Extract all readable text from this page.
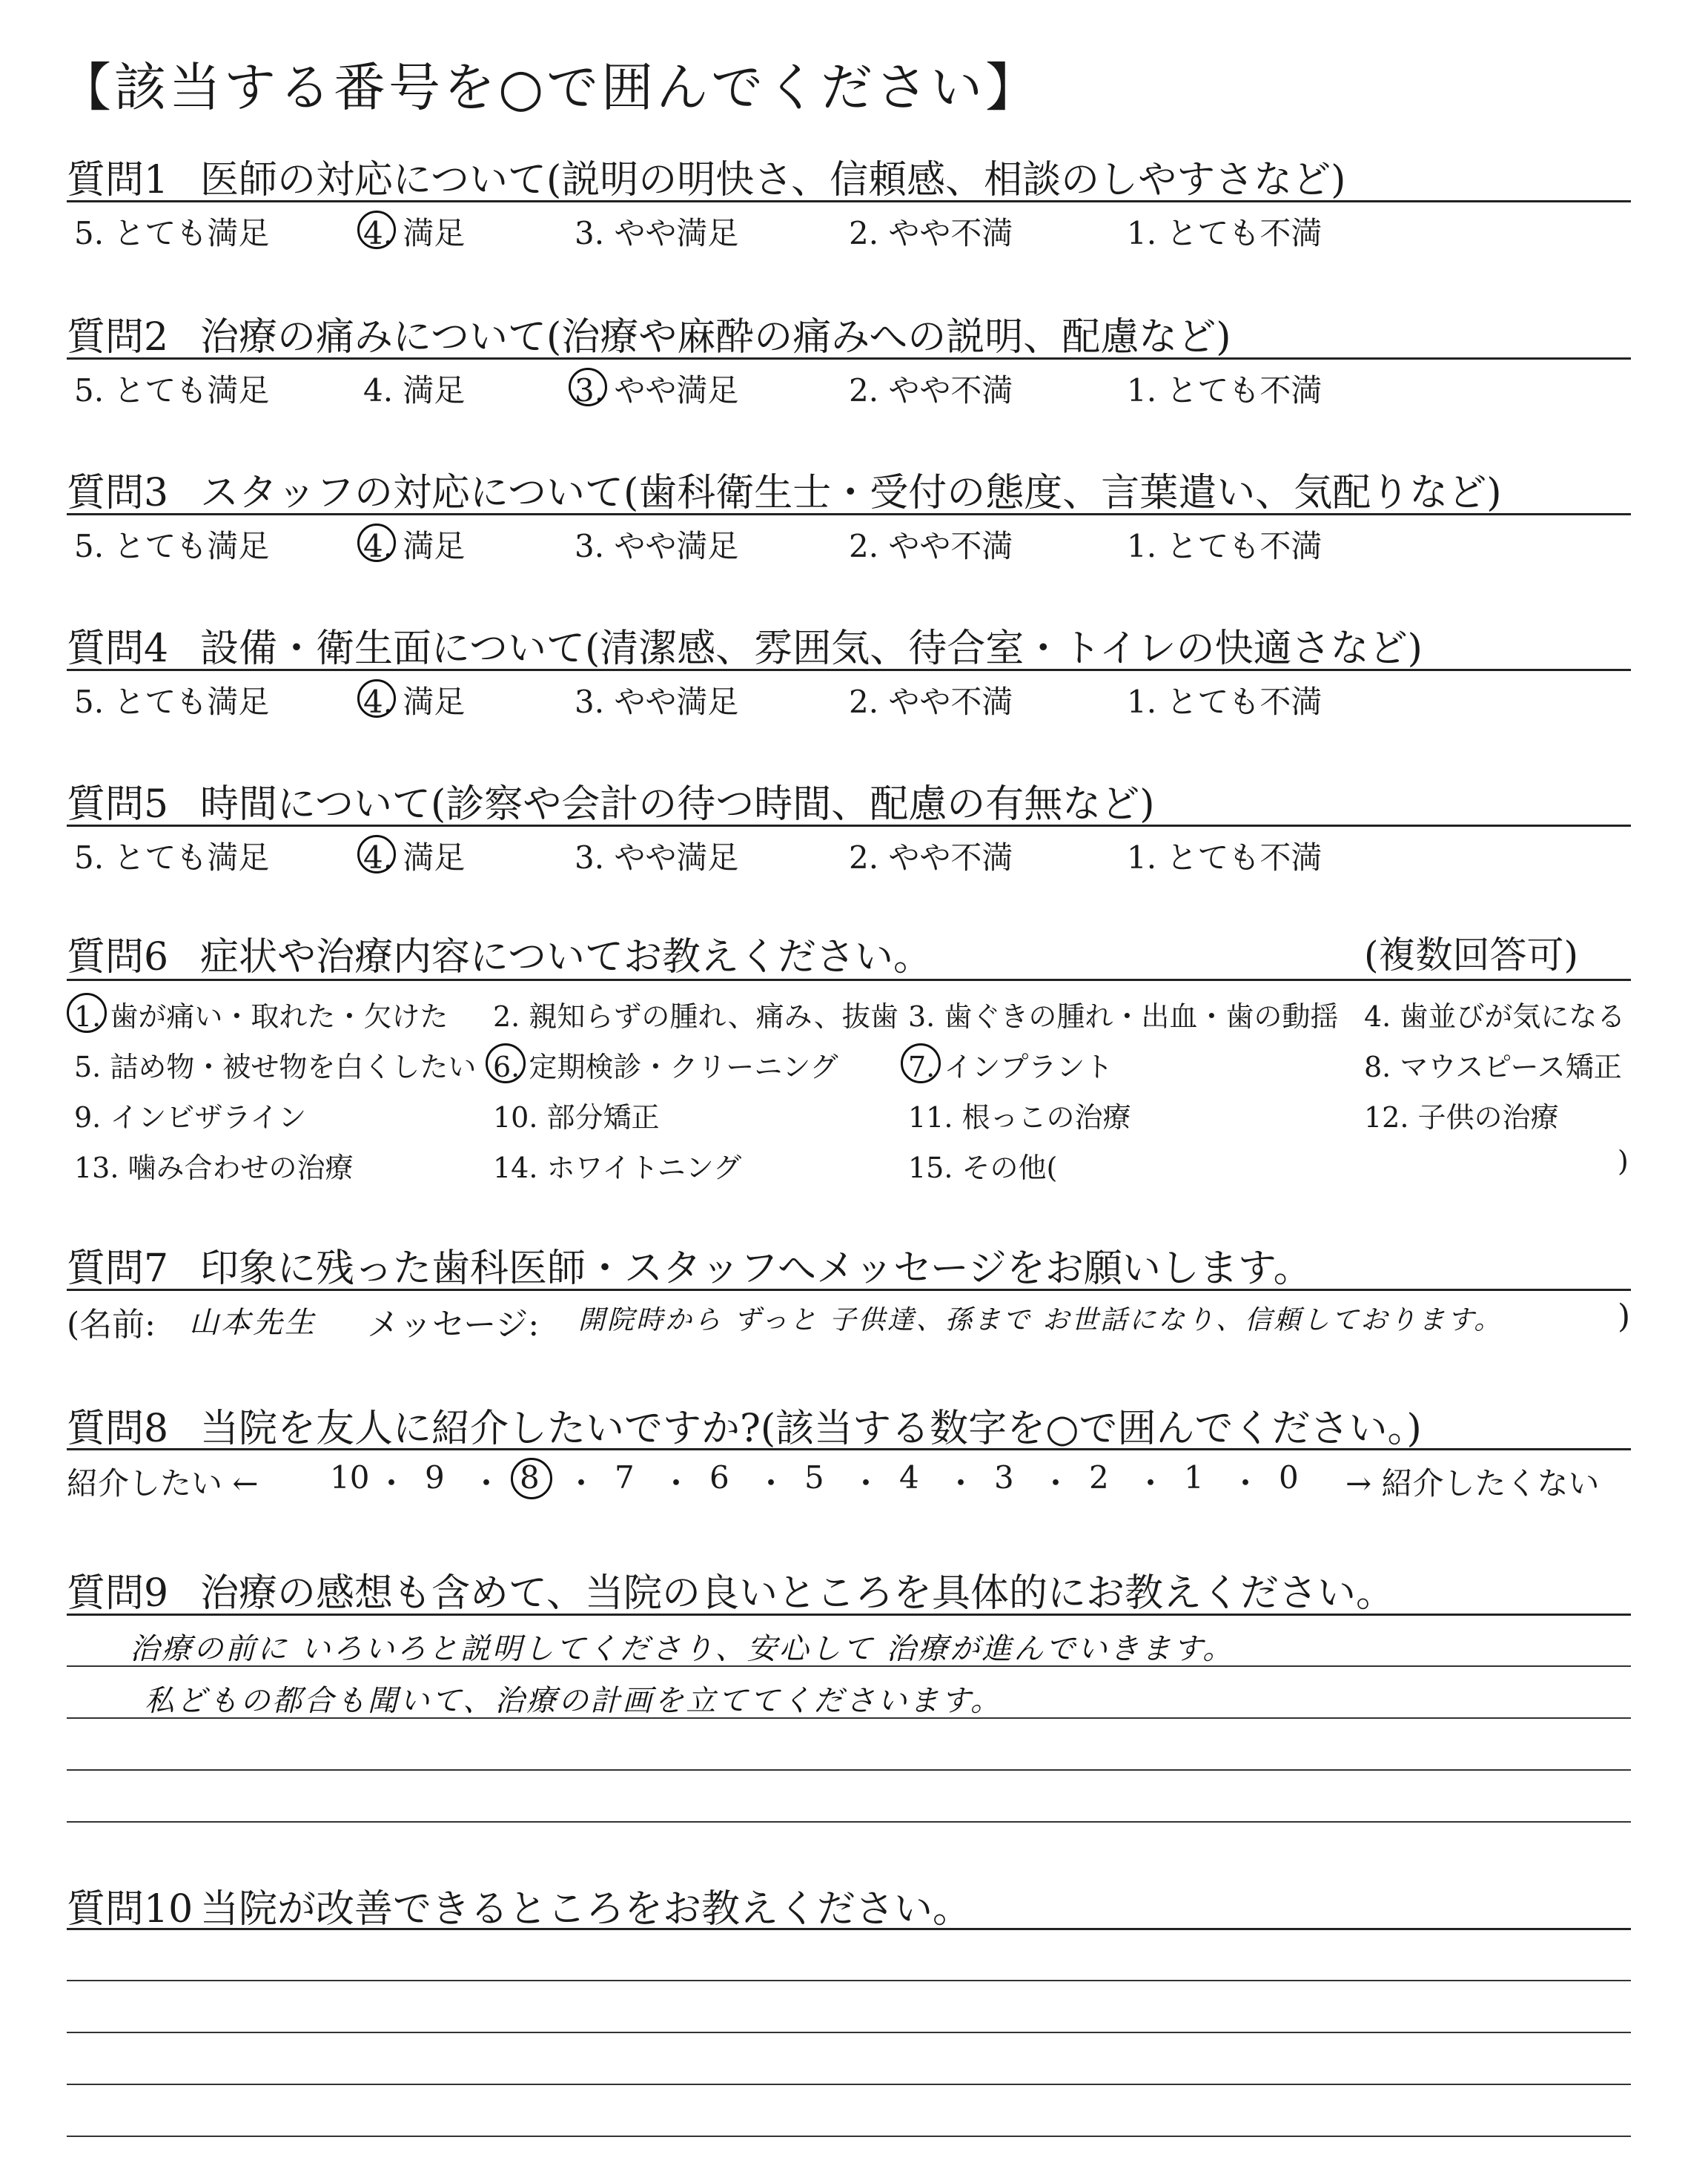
【該当する番号を○で囲んでください】
質問1 医師の対応について(説明の明快さ、信頼感、相談のしやすさなど)
5. とても満足	4. 満足	3. やや満足	2. やや不満	1. とても不満
質問2 治療の痛みについて(治療や麻酔の痛みへの説明、配慮など)
5. とても満足	4. 満足	3. やや満足	2. やや不満	1. とても不満
質問3 スタッフの対応について(歯科衛生士・受付の態度、言葉遣い、気配りなど)
5. とても満足	4. 満足	3. やや満足	2. やや不満	1. とても不満
質問4 設備・衛生面について(清潔感、雰囲気、待合室・トイレの快適さなど)
5. とても満足	4. 満足	3. やや満足	2. やや不満	1. とても不満
質問5 時間について(診察や会計の待つ時間、配慮の有無など)
5. とても満足	4. 満足	3. やや満足	2. やや不満	1. とても不満
質問6 症状や治療内容についてお教えください。	(複数回答可)
1. 歯が痛い・取れた・欠けた 2. 親知らずの腫れ、痛み、抜歯 3. 歯ぐきの腫れ・出血・歯の動揺 4. 歯並びが気になる
5. 詰め物・被せ物を白くしたい 6. 定期検診・クリーニング 7. インプラント	8. マウスピース矯正
9. インビザライン	10. 部分矯正	11. 根っこの治療	12. 子供の治療
13. 噛み合わせの治療	14. ホワイトニング	15. その他(	)
質問7 印象に残った歯科医師・スタッフへメッセージをお願いします。
(名前: 山本先生 メッセージ: 開院時から ずっと 子供達、孫まで お世話になり、信頼しております。	)
質問8 当院を友人に紹介したいですか?(該当する数字を○で囲んでください。)
紹介したい ← 10 ・ 9 ・ 8 ・ 7 ・ 6 ・ 5 ・ 4 ・ 3 ・ 2 ・ 1 ・ 0 → 紹介したくない
質問9 治療の感想も含めて、当院の良いところを具体的にお教えください。
治療の前に いろいろと説明してくださり、安心して 治療が進んでいきます。
私どもの都合も聞いて、治療の計画を立ててくださいます。
質問10 当院が改善できるところをお教えください。
